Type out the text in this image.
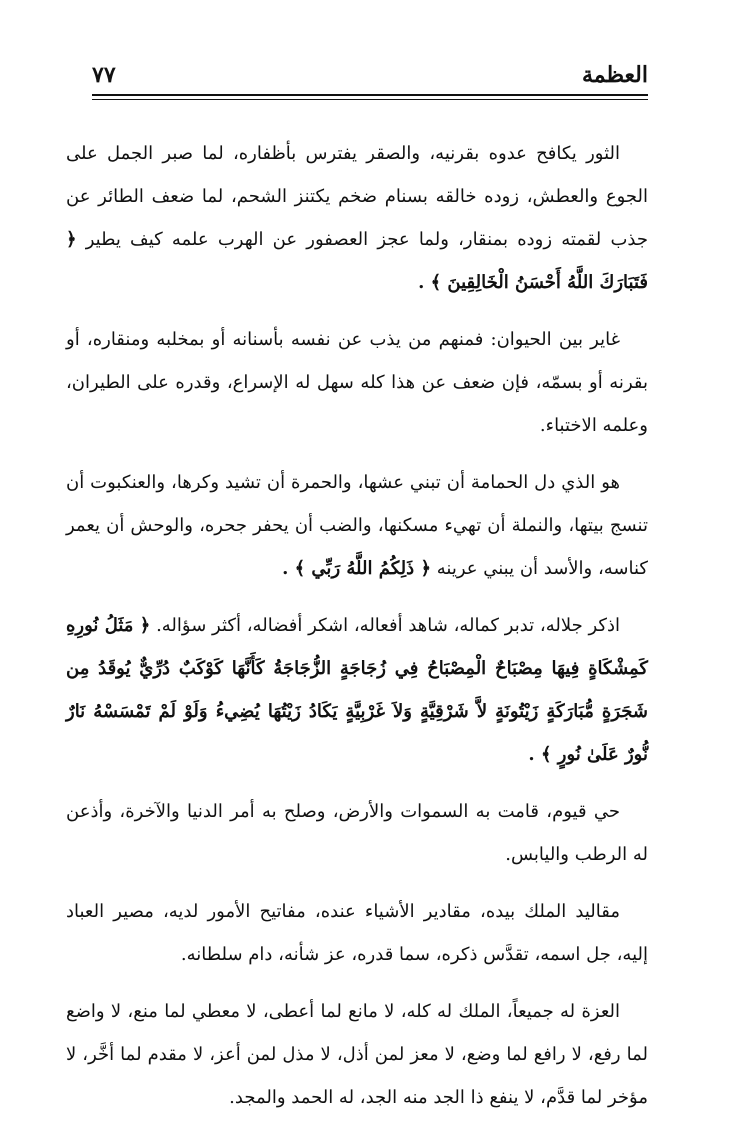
العظمة
٧٧

الثور يكافح عدوه بقرنيه، والصقر يفترس بأظفاره، لما صبر الجمل على الجوع والعطش، زوده خالقه بسنام ضخم يكتنز الشحم، لما ضعف الطائر عن جذب لقمته زوده بمنقار، ولما عجز العصفور عن الهرب علمه كيف يطير ﴿ فَتَبَارَكَ اللَّهُ أَحْسَنُ الْخَالِقِينَ ﴾ .

غاير بين الحيوان: فمنهم من يذب عن نفسه بأسنانه أو بمخلبه ومنقاره، أو بقرنه أو بسمّه، فإن ضعف عن هذا كله سهل له الإسراع، وقدره على الطيران، وعلمه الاختباء.

هو الذي دل الحمامة أن تبني عشها، والحمرة أن تشيد وكرها، والعنكبوت أن تنسج بيتها، والنملة أن تهيء مسكنها، والضب أن يحفر جحره، والوحش أن يعمر كناسه، والأسد أن يبني عرينه ﴿ ذَلِكُمُ اللَّهُ رَبِّي ﴾ .

اذكر جلاله، تدبر كماله، شاهد أفعاله، اشكر أفضاله، أكثر سؤاله. ﴿ مَثَلُ نُورِهِ كَمِشْكَاةٍ فِيهَا مِصْبَاحٌ الْمِصْبَاحُ فِي زُجَاجَةٍ الزُّجَاجَةُ كَأَنَّهَا كَوْكَبٌ دُرِّيٌّ يُوقَدُ مِن شَجَرَةٍ مُّبَارَكَةٍ زَيْتُونَةٍ لاَّ شَرْقِيَّةٍ وَلاَ غَرْبِيَّةٍ يَكَادُ زَيْتُهَا يُضِيءُ وَلَوْ لَمْ تَمْسَسْهُ نَارٌ نُّورٌ عَلَىٰ نُورٍ ﴾ .

حي قيوم، قامت به السموات والأرض، وصلح به أمر الدنيا والآخرة، وأذعن له الرطب واليابس.

مقاليد الملك بيده، مقادير الأشياء عنده، مفاتيح الأمور لديه، مصير العباد إليه، جل اسمه، تقدَّس ذكره، سما قدره، عز شأنه، دام سلطانه.

العزة له جميعاً، الملك له كله، لا مانع لما أعطى، لا معطي لما منع، لا واضع لما رفع، لا رافع لما وضع، لا معز لمن أذل، لا مذل لمن أعز، لا مقدم لما أخَّر، لا مؤخر لما قدَّم، لا ينفع ذا الجد منه الجد، له الحمد والمجد.
